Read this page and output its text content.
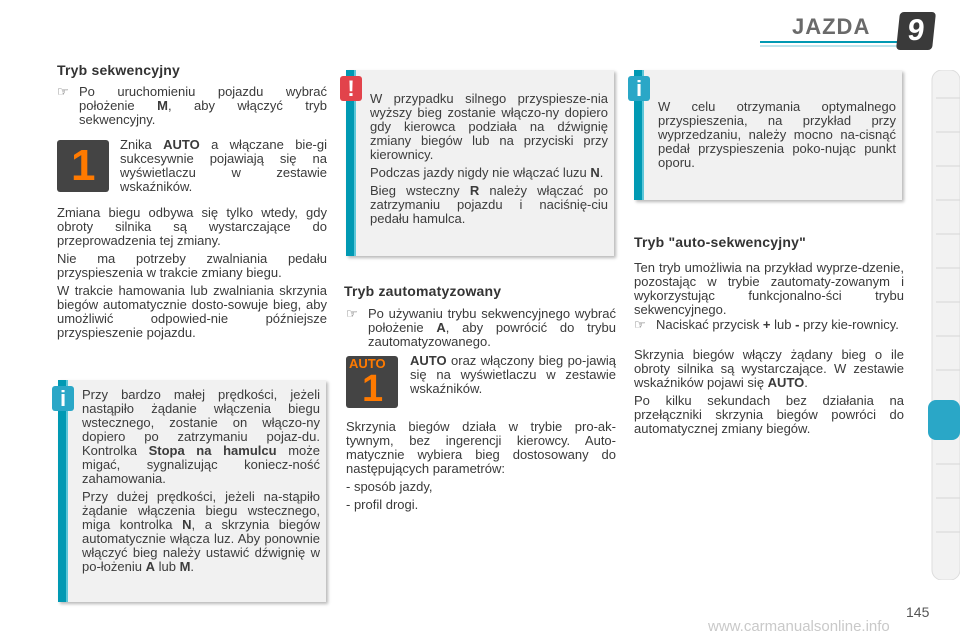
JAZDA	9
Tryb sekwencyjny
☞ Po uruchomieniu pojazdu wybrać położenie M, aby włączyć tryb sekwencyjny.
1 Znika AUTO a włączane bie-gi sukcesywnie pojawiają się na wyświetlaczu w zestawie wskaźników.

Zmiana biegu odbywa się tylko wtedy, gdy obroty silnika są wystarczające do przeprowadzenia tej zmiany.

Nie ma potrzeby zwalniania pedału przyspieszenia w trakcie zmiany biegu.

W trakcie hamowania lub zwalniania skrzynia biegów automatycznie dosto-sowuje bieg, aby umożliwić odpowied-nie późniejsze przyspieszenie pojazdu.

i	Przy bardzo małej prędkości, jeżeli nastąpiło żądanie włączenia biegu wstecznego, zostanie on włączo-ny dopiero po zatrzymaniu pojaz-du. Kontrolka Stopa na hamulcu może migać, sygnalizując koniecz-ność zahamowania.

Przy dużej prędkości, jeżeli na-stąpiło żądanie włączenia biegu wstecznego, miga kontrolka N, a skrzynia biegów automatycznie włącza luz. Aby ponownie włączyć bieg należy ustawić dźwignię w po-łożeniu A lub M.

!	W przypadku silnego przyspiesze-nia wyższy bieg zostanie włączo-ny dopiero gdy kierowca podziała na dźwignię zmiany biegów lub na przyciski przy kierownicy.

Podczas jazdy nigdy nie włączać luzu N.

Bieg wsteczny R należy włączać po zatrzymaniu pojazdu i naciśnię-ciu pedału hamulca.

Tryb zautomatyzowany
☞ Po używaniu trybu sekwencyjnego wybrać położenie A, aby powrócić do trybu zautomatyzowanego.
AUTO
1
AUTO oraz włączony bieg po-jawią się na wyświetlaczu w zestawie wskaźników.

Skrzynia biegów działa w trybie pro-ak-tywnym, bez ingerencji kierowcy. Auto-matycznie wybiera bieg dostosowany do następujących parametrów:

- sposób jazdy,

- profil drogi.

i

W celu otrzymania optymalnego przyspieszenia, na przykład przy wyprzedzaniu, należy mocno na-cisnąć pedał przyspieszenia poko-nując punkt oporu.

Tryb "auto-sekwencyjny"
Ten tryb umożliwia na przykład wyprze-dzenie, pozostając w trybie zautomaty-zowanym i wykorzystując funkcjonalno-ści trybu sekwencyjnego.
☞ Naciskać przycisk + lub - przy kie-rownicy.

Skrzynia biegów włączy żądany bieg o ile obroty silnika są wystarczające. W zestawie wskaźników pojawi się AUTO.

Po kilku sekundach bez działania na przełączniki skrzynia biegów powróci do automatycznej zmiany biegów.

145
www.carmanualsonline.info
